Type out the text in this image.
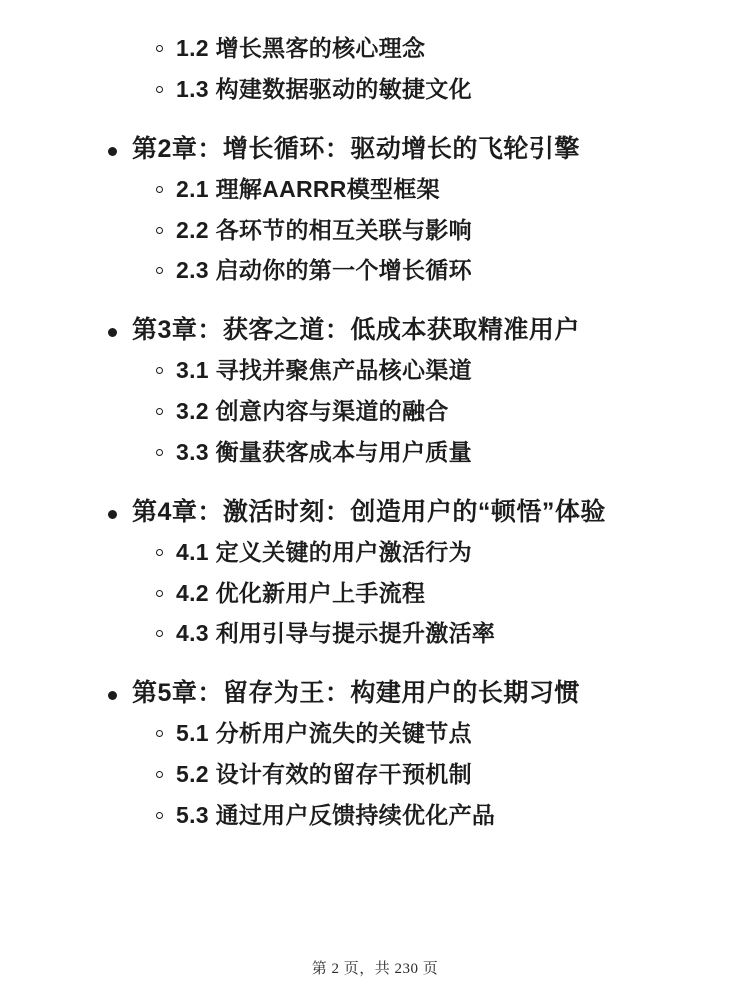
1.2 增长黑客的核心理念
1.3 构建数据驱动的敏捷文化
第2章：增长循环：驱动增长的飞轮引擎
2.1 理解AARRR模型框架
2.2 各环节的相互关联与影响
2.3 启动你的第一个增长循环
第3章：获客之道：低成本获取精准用户
3.1 寻找并聚焦产品核心渠道
3.2 创意内容与渠道的融合
3.3 衡量获客成本与用户质量
第4章：激活时刻：创造用户的“顿悟”体验
4.1 定义关键的用户激活行为
4.2 优化新用户上手流程
4.3 利用引导与提示提升激活率
第5章：留存为王：构建用户的长期习惯
5.1 分析用户流失的关键节点
5.2 设计有效的留存干预机制
5.3 通过用户反馈持续优化产品
第 2 页，共 230 页
